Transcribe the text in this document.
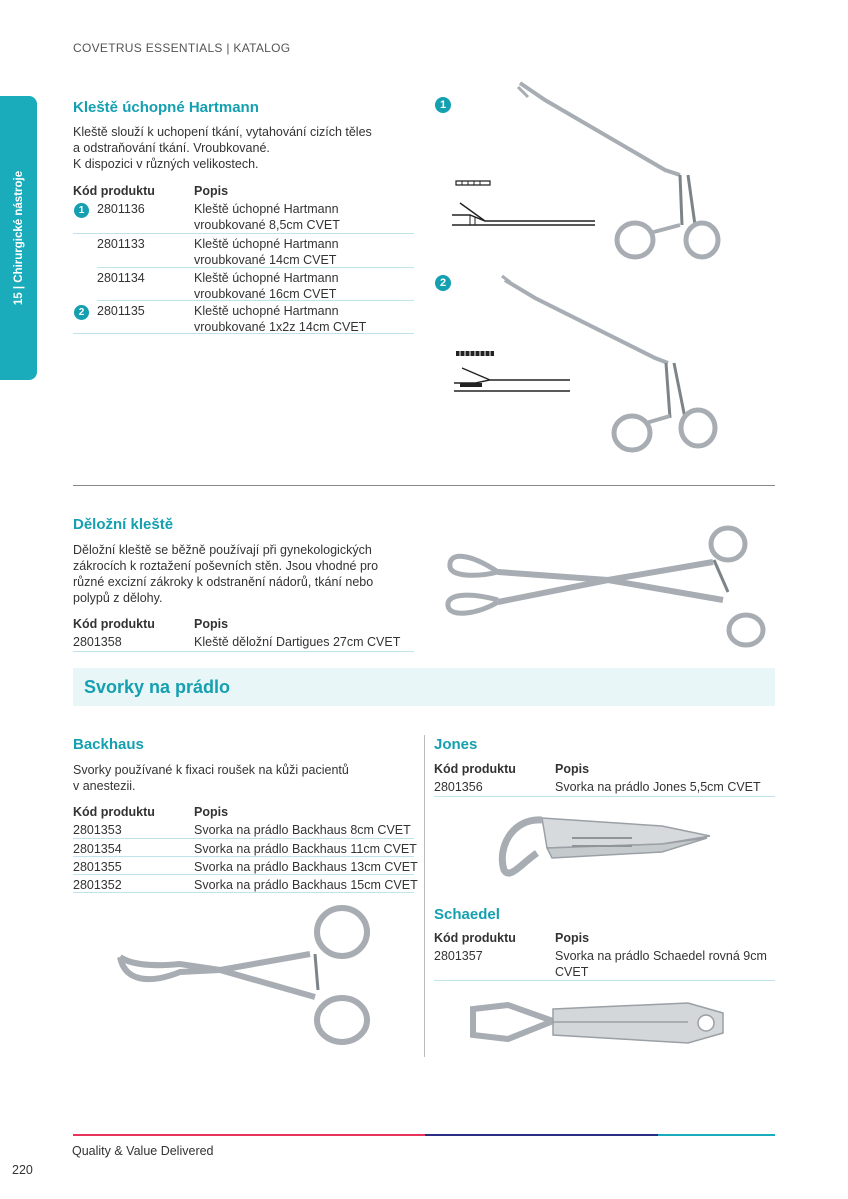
COVETRUS ESSENTIALS | KATALOG
15 | Chirurgické nástroje
Kleště úchopné Hartmann
Kleště slouží k uchopení tkání, vytahování cizích těles
a odstraňování tkání. Vroubkované.
K dispozici v různých velikostech.
Kód produktu	Popis
1	2801136	Kleště úchopné Hartmann
vroubkované 8,5cm CVET
2801133	Kleště úchopné Hartmann
vroubkované 14cm CVET
2801134	Kleště úchopné Hartmann
vroubkované 16cm CVET
2	2801135	Kleště uchopné Hartmann
vroubkované 1x2z 14cm CVET
1
2
Děložní kleště
Děložní kleště se běžně používají při gynekologických
zákrocích k roztažení poševních stěn. Jsou vhodné pro
různé excizní zákroky k odstranění nádorů, tkání nebo
polypů z dělohy.
Kód produktu	Popis
2801358	Kleště děložní Dartigues 27cm CVET
Svorky na prádlo
Backhaus
Svorky používané k fixaci roušek na kůži pacientů
v anestezii.
Kód produktu	Popis
2801353	Svorka na prádlo Backhaus 8cm CVET
2801354	Svorka na prádlo Backhaus 11cm CVET
2801355	Svorka na prádlo Backhaus 13cm CVET
2801352	Svorka na prádlo Backhaus 15cm CVET
Jones
Kód produktu	Popis
2801356	Svorka na prádlo Jones 5,5cm CVET
Schaedel
Kód produktu	Popis
2801357	Svorka na prádlo Schaedel rovná 9cm
CVET
Quality & Value Delivered
220
